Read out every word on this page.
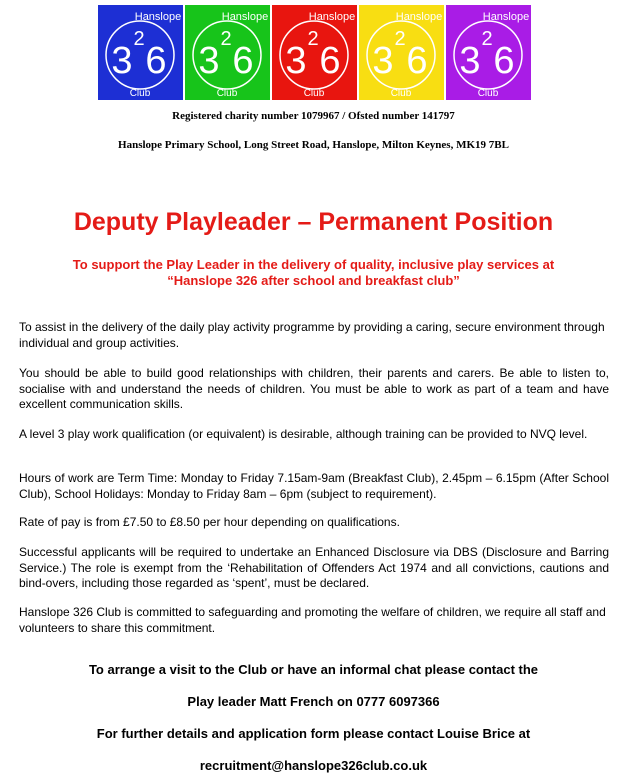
Hanslope
3
2
6
Club
Hanslope
3
2
6
Club
Hanslope
3
2
6
Club
Hanslope
3
2
6
Club
Hanslope
3
2
6
Club
Registered charity number 1079967 / Ofsted number 141797
Hanslope Primary School, Long Street Road, Hanslope, Milton Keynes, MK19 7BL
Deputy Playleader – Permanent Position
To support the Play Leader in the delivery of quality, inclusive play services at
“Hanslope 326 after school and breakfast club”

To assist in the delivery of the daily play activity programme by providing a caring, secure environment through individual and group activities.

You should be able to build good relationships with children, their parents and carers. Be able to listen to, socialise with and understand the needs of children. You must be able to work as part of a team and have excellent communication skills.

A level 3 play work qualification (or equivalent) is desirable, although training can be provided to NVQ level.

Hours of work are Term Time: Monday to Friday 7.15am-9am (Breakfast Club), 2.45pm – 6.15pm (After School Club), School Holidays: Monday to Friday 8am – 6pm (subject to requirement).

Rate of pay is from £7.50 to £8.50 per hour depending on qualifications.

Successful applicants will be required to undertake an Enhanced Disclosure via DBS (Disclosure and Barring Service.) The role is exempt from the ‘Rehabilitation of Offenders Act 1974 and all convictions, cautions and bind-overs, including those regarded as ‘spent’, must be declared.

Hanslope 326 Club is committed to safeguarding and promoting the welfare of children, we require all staff and volunteers to share this commitment.

To arrange a visit to the Club or have an informal chat please contact the
Play leader Matt French on 0777 6097366
For further details and application form please contact Louise Brice at
recruitment@hanslope326club.co.uk
